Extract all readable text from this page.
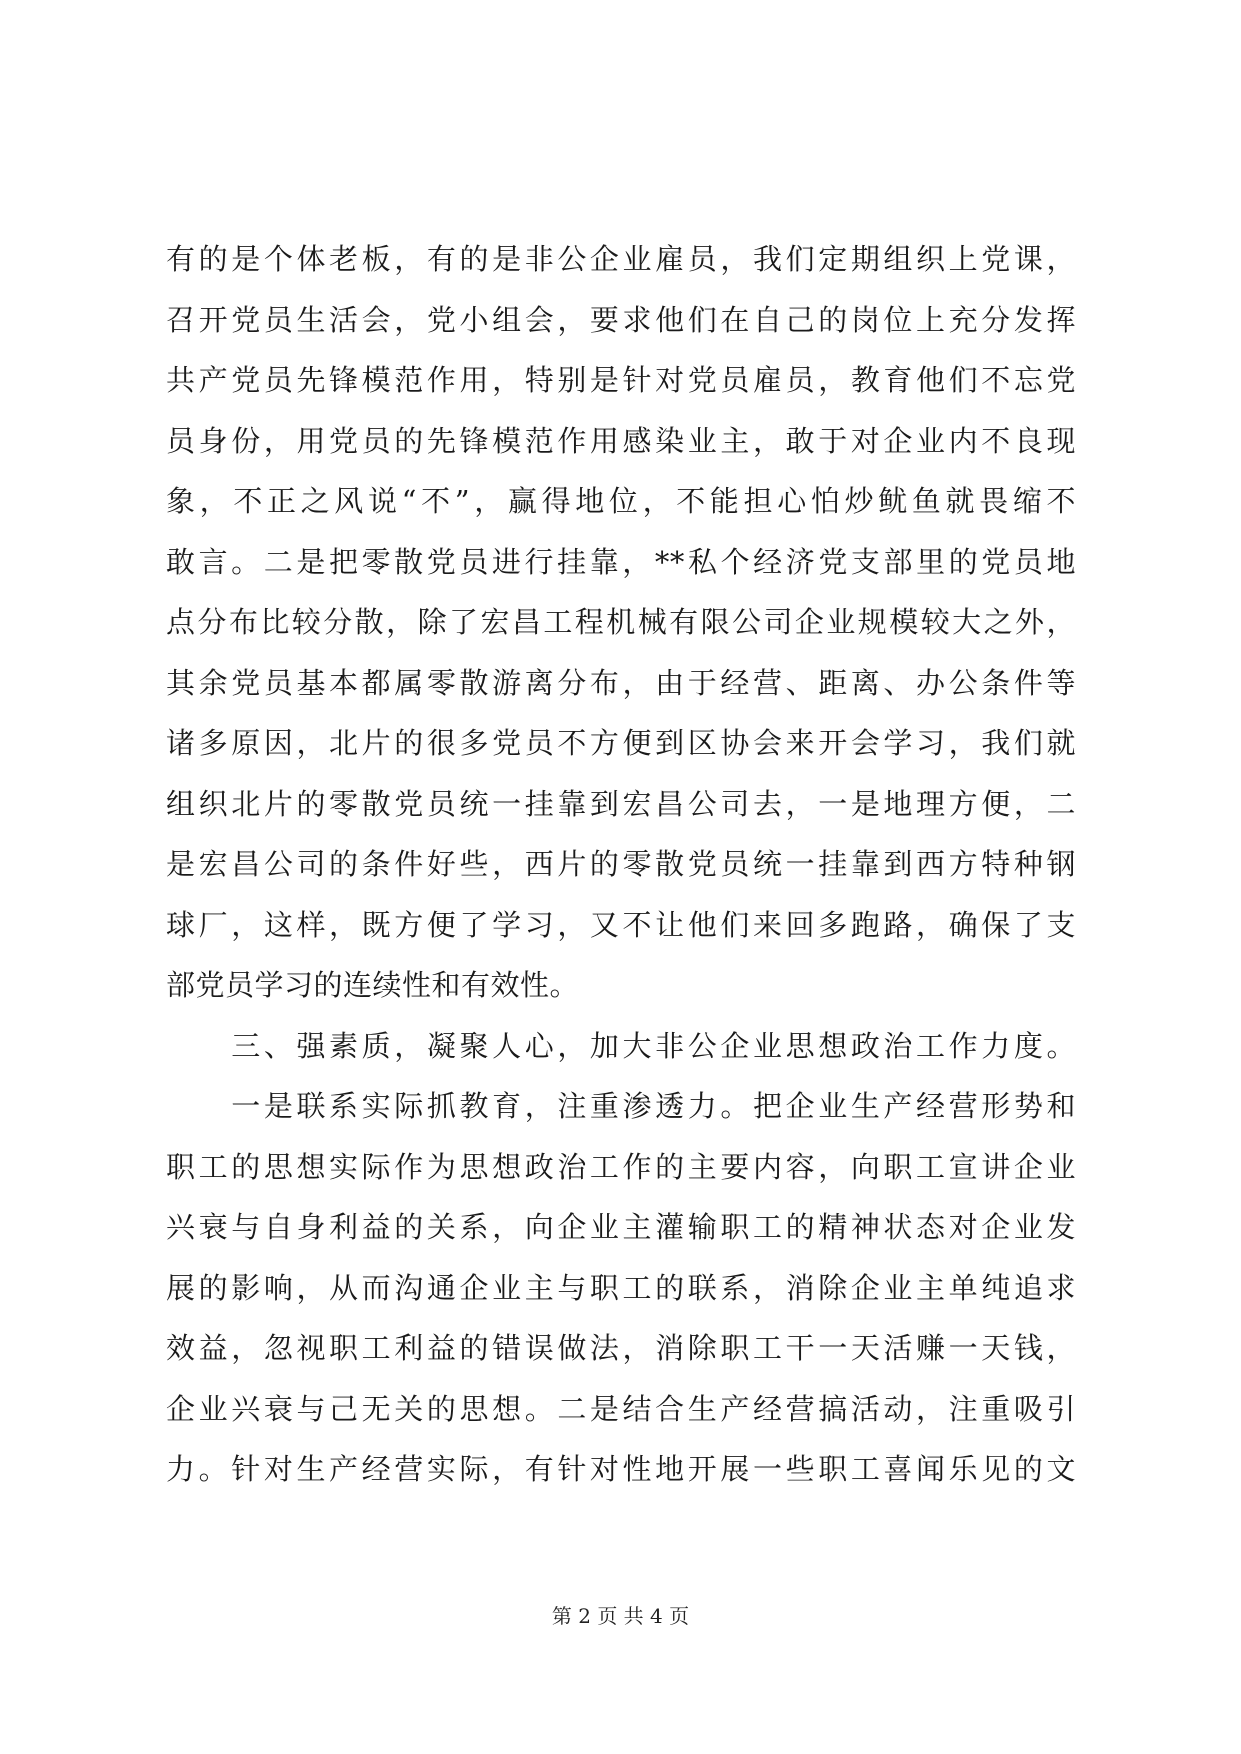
有的是个体老板，有的是非公企业雇员，我们定期组织上党课，
召开党员生活会，党小组会，要求他们在自己的岗位上充分发挥
共产党员先锋模范作用，特别是针对党员雇员，教育他们不忘党
员身份，用党员的先锋模范作用感染业主，敢于对企业内不良现
象，不正之风说“不”，赢得地位，不能担心怕炒鱿鱼就畏缩不
敢言。二是把零散党员进行挂靠，**私个经济党支部里的党员地
点分布比较分散，除了宏昌工程机械有限公司企业规模较大之外，
其余党员基本都属零散游离分布，由于经营、距离、办公条件等
诸多原因，北片的很多党员不方便到区协会来开会学习，我们就
组织北片的零散党员统一挂靠到宏昌公司去，一是地理方便，二
是宏昌公司的条件好些，西片的零散党员统一挂靠到西方特种钢
球厂，这样，既方便了学习，又不让他们来回多跑路，确保了支
部党员学习的连续性和有效性。
　　三、强素质，凝聚人心，加大非公企业思想政治工作力度。
　　一是联系实际抓教育，注重渗透力。把企业生产经营形势和
职工的思想实际作为思想政治工作的主要内容，向职工宣讲企业
兴衰与自身利益的关系，向企业主灌输职工的精神状态对企业发
展的影响，从而沟通企业主与职工的联系，消除企业主单纯追求
效益，忽视职工利益的错误做法，消除职工干一天活赚一天钱，
企业兴衰与己无关的思想。二是结合生产经营搞活动，注重吸引
力。针对生产经营实际，有针对性地开展一些职工喜闻乐见的文
第 2 页 共 4 页
